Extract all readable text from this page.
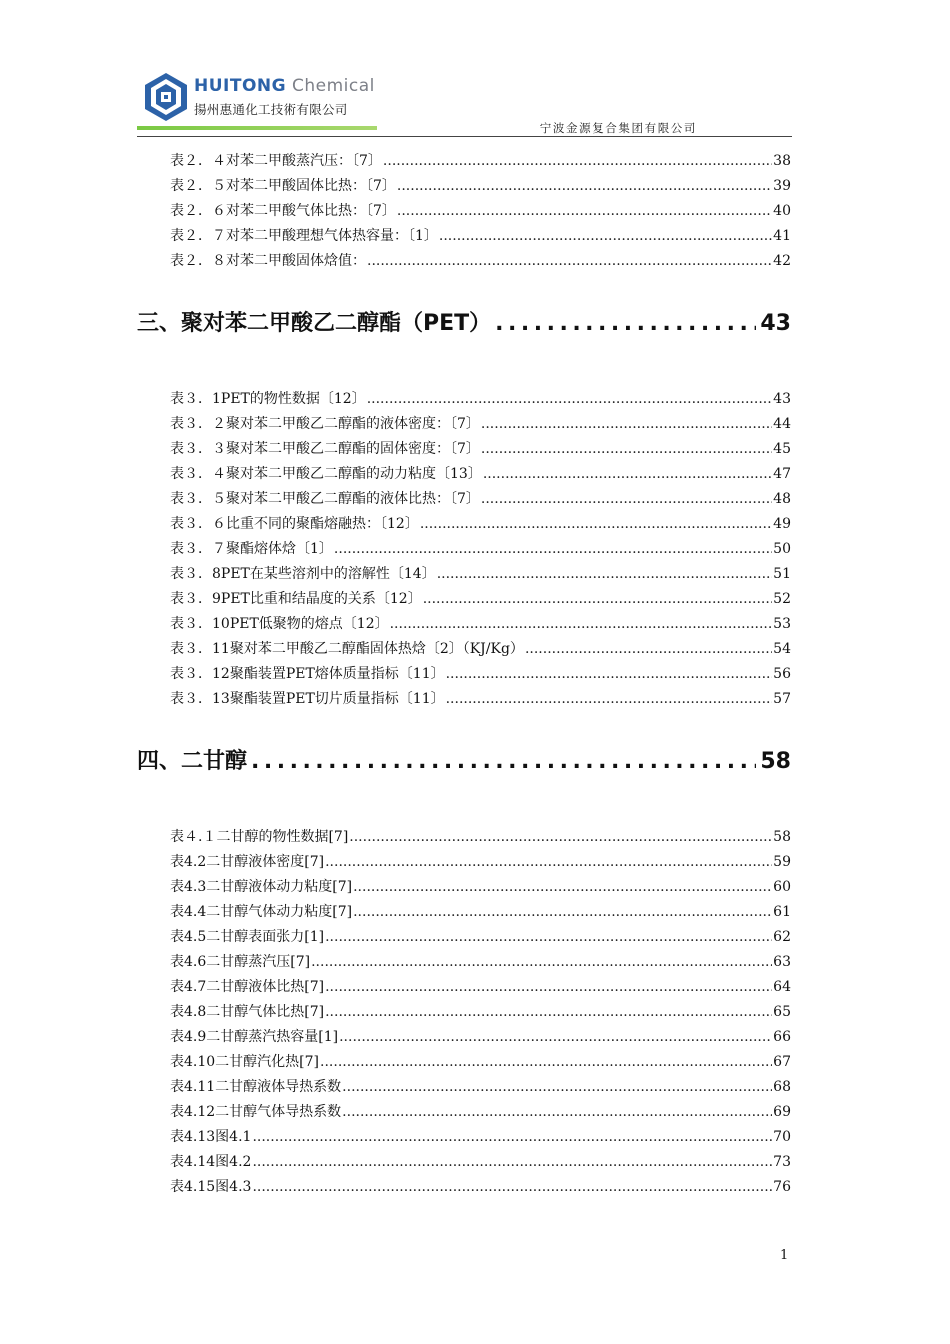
HUITONG Chemical
揚州惠通化工技術有限公司
宁波金源复合集团有限公司
表２．４对苯二甲酸蒸汽压：〔7〕 .....	38
表２．５对苯二甲酸固体比热：〔7〕 .....	39
表２．６对苯二甲酸气体比热：〔7〕 .....	40
表２．７对苯二甲酸理想气体热容量：〔1〕 .....	41
表２．８对苯二甲酸固体焓值： .....	42
三、聚对苯二甲酸乙二醇酯（PET） .....	43
表３．1PET的物性数据〔12〕 .....	43
表３．２聚对苯二甲酸乙二醇酯的液体密度：〔7〕 .....	44
表３．３聚对苯二甲酸乙二醇酯的固体密度：〔7〕 .....	45
表３．４聚对苯二甲酸乙二醇酯的动力粘度〔13〕 .....	47
表３．５聚对苯二甲酸乙二醇酯的液体比热：〔7〕 .....	48
表３．６比重不同的聚酯熔融热：〔12〕 .....	49
表３．７聚酯熔体焓〔1〕 .....	50
表３．8PET在某些溶剂中的溶解性〔14〕 .....	51
表３．9PET比重和结晶度的关系〔12〕 .....	52
表３．10PET低聚物的熔点〔12〕 .....	53
表３．11聚对苯二甲酸乙二醇酯固体热焓〔2〕（KJ/Kg） .....	54
表３．12聚酯装置PET熔体质量指标〔11〕 .....	56
表３．13聚酯装置PET切片质量指标〔11〕 .....	57
四、二甘醇 .....	58
表４.１二甘醇的物性数据[7] .....	58
表4.2二甘醇液体密度[7] .....	59
表4.3二甘醇液体动力粘度[7] .....	60
表4.4二甘醇气体动力粘度[7] .....	61
表4.5二甘醇表面张力[1] .....	62
表4.6二甘醇蒸汽压[7] .....	63
表4.7二甘醇液体比热[7] .....	64
表4.8二甘醇气体比热[7] .....	65
表4.9二甘醇蒸汽热容量[1] .....	66
表4.10二甘醇汽化热[7] .....	67
表4.11二甘醇液体导热系数 .....	68
表4.12二甘醇气体导热系数 .....	69
表4.13图4.1 .....	70
表4.14图4.2 .....	73
表4.15图4.3 .....	76
1
